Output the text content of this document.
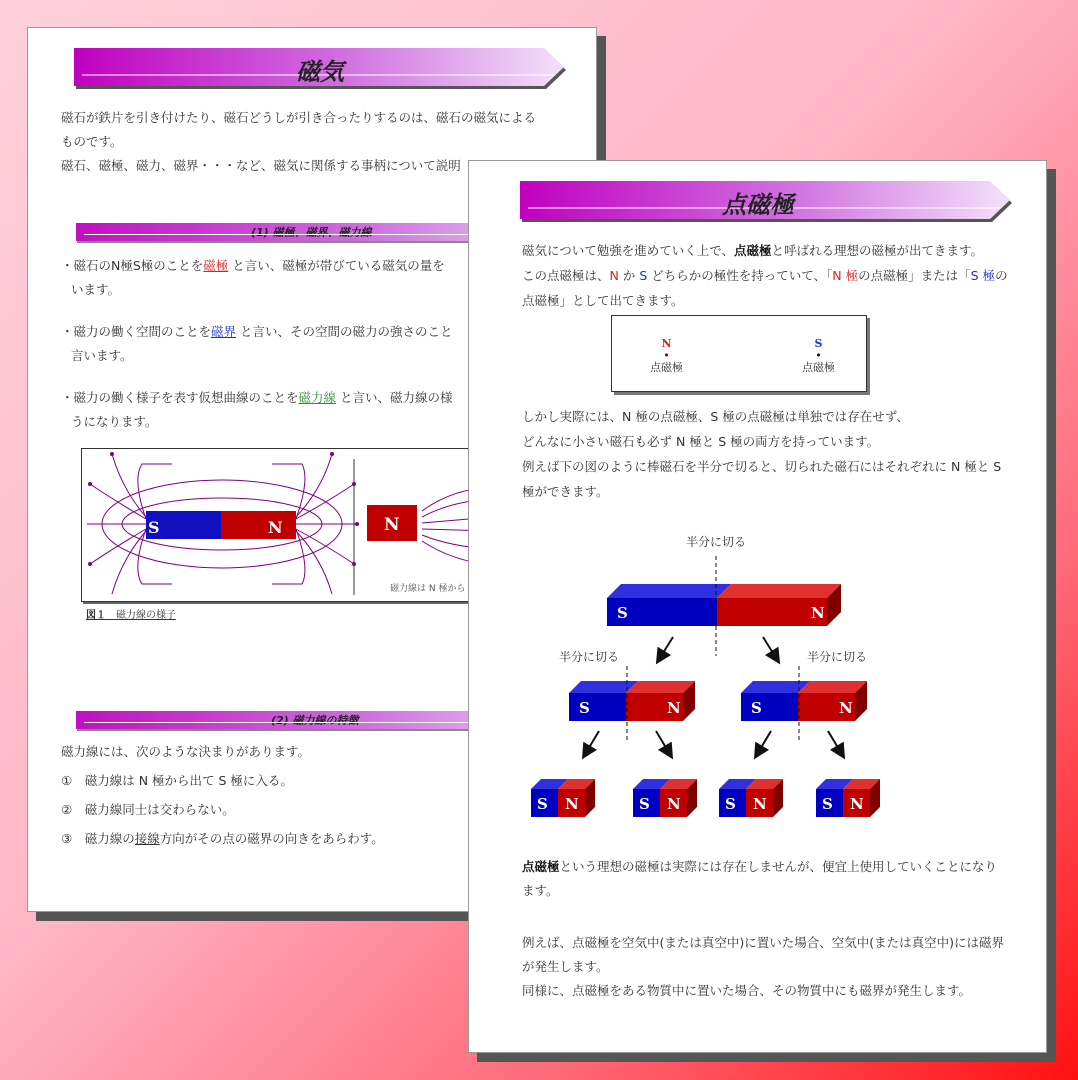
磁気
磁石が鉄片を引き付けたり、磁石どうしが引き合ったりするのは、磁石の磁気による
ものです。
磁石、磁極、磁力、磁界・・・など、磁気に関係する事柄について説明
(1) 磁極、磁界、磁力線
・磁石のN極S極のことを磁極 と言い、磁極が帯びている磁気の量を
います。
・磁力の働く空間のことを磁界 と言い、その空間の磁力の強さのこと
言います。
・磁力の働く様子を表す仮想曲線のことを磁力線 と言い、磁力線の様
うになります。
S	N	N
磁力線は N 極から
図１　 磁力線の様子
(2) 磁力線の特徴
磁力線には、次のような決まりがあります。
①　 磁力線は N 極から出て S 極に入る。
②　 磁力線同士は交わらない。
③　 磁力線の接線方向がその点の磁界の向きをあらわす。
点磁極
磁気について勉強を進めていく上で、点磁極と呼ばれる理想の磁極が出てきます。
この点磁極は、N か S どちらかの極性を持っていて、「N 極の点磁極」または「S 極の
点磁極」として出てきます。
N
•
点磁極
S
•
点磁極
しかし実際には、N 極の点磁極、S 極の点磁極は単独では存在せず、
どんなに小さい磁石も必ず N 極と S 極の両方を持っています。
例えば下の図のように棒磁石を半分で切ると、切られた磁石にはそれぞれに N 極と S
極ができます。
S	N
S	N	S	N
S N	S N	S N	S N
半分に切る
半分に切る	半分に切る
点磁極という理想の磁極は実際には存在しませんが、便宜上使用していくことになり
ます。
例えば、点磁極を空気中(または真空中)に置いた場合、空気中(または真空中)には磁界
が発生します。
同様に、点磁極をある物質中に置いた場合、その物質中にも磁界が発生します。
